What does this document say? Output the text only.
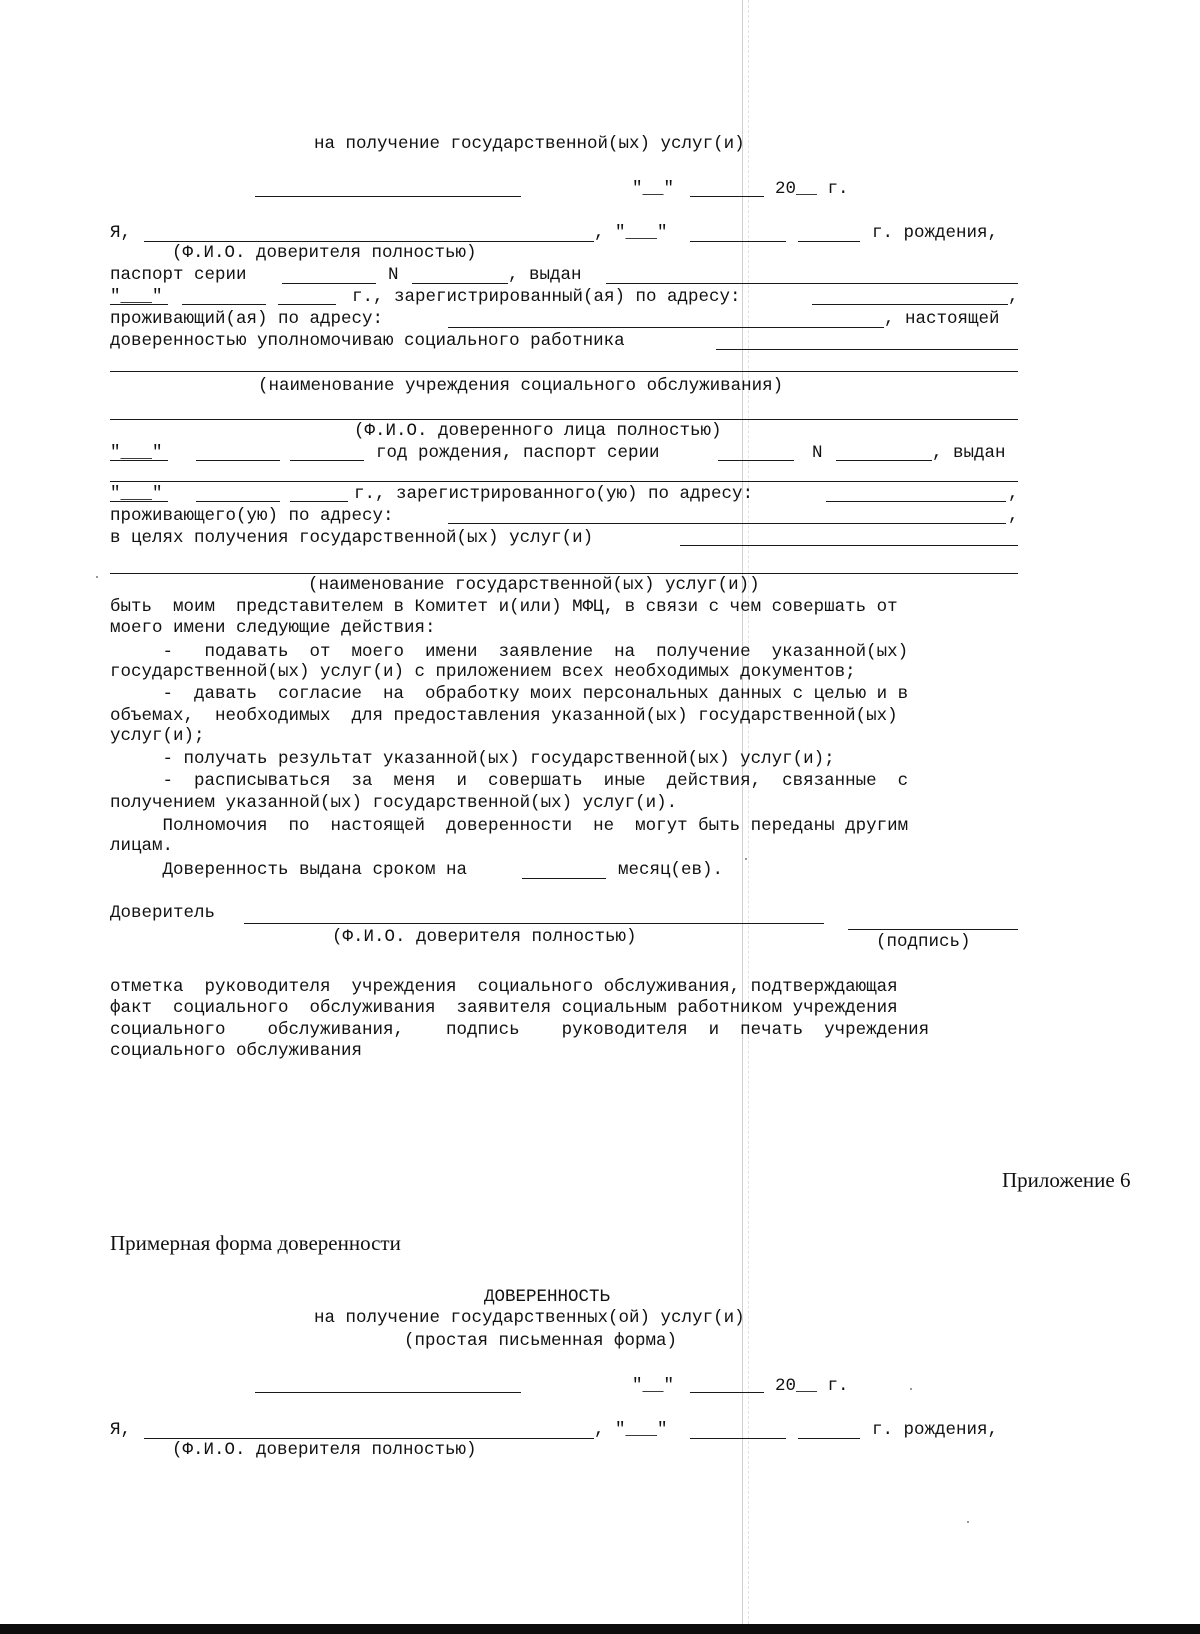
на получение государственной(ых) услуг(и)
"__"	20__ г.
Я,	, "___"	г. рождения,
(Ф.И.О. доверителя полностью)
паспорт серии	N	, выдан
"___"	г., зарегистрированный(ая) по адресу:	,
проживающий(ая) по адресу:	, настоящей
доверенностью уполномочиваю социального работника
(наименование учреждения социального обслуживания)
(Ф.И.О. доверенного лица полностью)
"___"	год рождения, паспорт серии	N	, выдан
"___"	г., зарегистрированного(ую) по адресу:	,
проживающего(ую) по адресу:	,
в целях получения государственной(ых) услуг(и)
(наименование государственной(ых) услуг(и))
быть  моим  представителем в Комитет и(или) МФЦ, в связи с чем совершать от
моего имени следующие действия:
-   подавать  от  моего  имени  заявление  на  получение  указанной(ых)
государственной(ых) услуг(и) с приложением всех необходимых документов;
-  давать  согласие  на  обработку моих персональных данных с целью и в
объемах,  необходимых  для предоставления указанной(ых) государственной(ых)
услуг(и);
- получать результат указанной(ых) государственной(ых) услуг(и);
-  расписываться  за  меня  и  совершать  иные  действия,  связанные  с
получением указанной(ых) государственной(ых) услуг(и).
Полномочия  по  настоящей  доверенности  не  могут быть переданы другим
лицам.
Доверенность выдана сроком на	месяц(ев).
Доверитель
(Ф.И.О. доверителя полностью)	(подпись)
отметка  руководителя  учреждения  социального обслуживания, подтверждающая
факт  социального  обслуживания  заявителя социальным работником учреждения
социального    обслуживания,    подпись    руководителя  и  печать  учреждения
социального обслуживания
Приложение 6
Примерная форма доверенности
ДОВЕРЕННОСТЬ
на получение государственных(ой) услуг(и)
(простая письменная форма)
"__"	20__ г.
Я,	, "___"	г. рождения,
(Ф.И.О. доверителя полностью)
